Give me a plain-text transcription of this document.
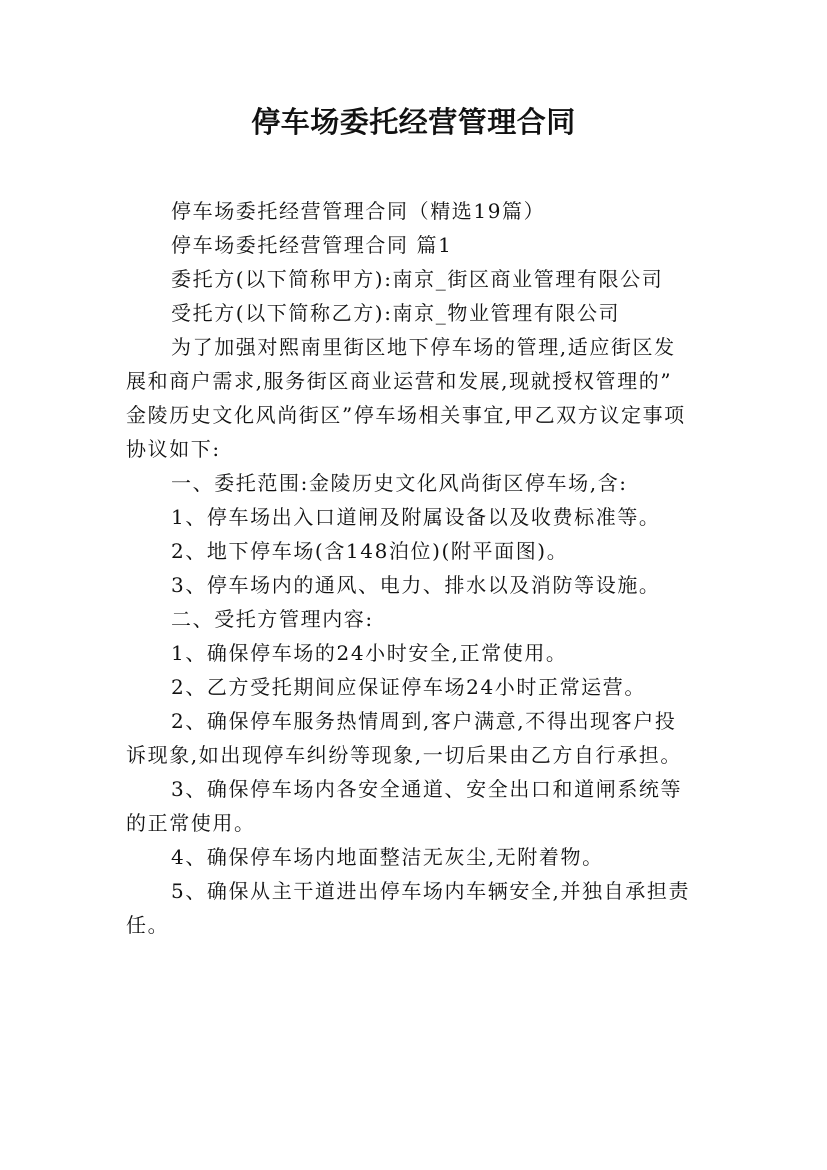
停车场委托经营管理合同

停车场委托经营管理合同（精选19篇）

停车场委托经营管理合同 篇1

委托方(以下简称甲方):南京_街区商业管理有限公司

受托方(以下简称乙方):南京_物业管理有限公司

为了加强对熙南里街区地下停车场的管理,适应街区发
展和商户需求,服务街区商业运营和发展,现就授权管理的”
金陵历史文化风尚街区”停车场相关事宜,甲乙双方议定事项
协议如下:

一、委托范围:金陵历史文化风尚街区停车场,含:

1、停车场出入口道闸及附属设备以及收费标准等。

2、地下停车场(含148泊位)(附平面图)。

3、停车场内的通风、电力、排水以及消防等设施。

二、受托方管理内容:

1、确保停车场的24小时安全,正常使用。

2、乙方受托期间应保证停车场24小时正常运营。

2、确保停车服务热情周到,客户满意,不得出现客户投
诉现象,如出现停车纠纷等现象,一切后果由乙方自行承担。

3、确保停车场内各安全通道、安全出口和道闸系统等
的正常使用。

4、确保停车场内地面整洁无灰尘,无附着物。

5、确保从主干道进出停车场内车辆安全,并独自承担责
任。
